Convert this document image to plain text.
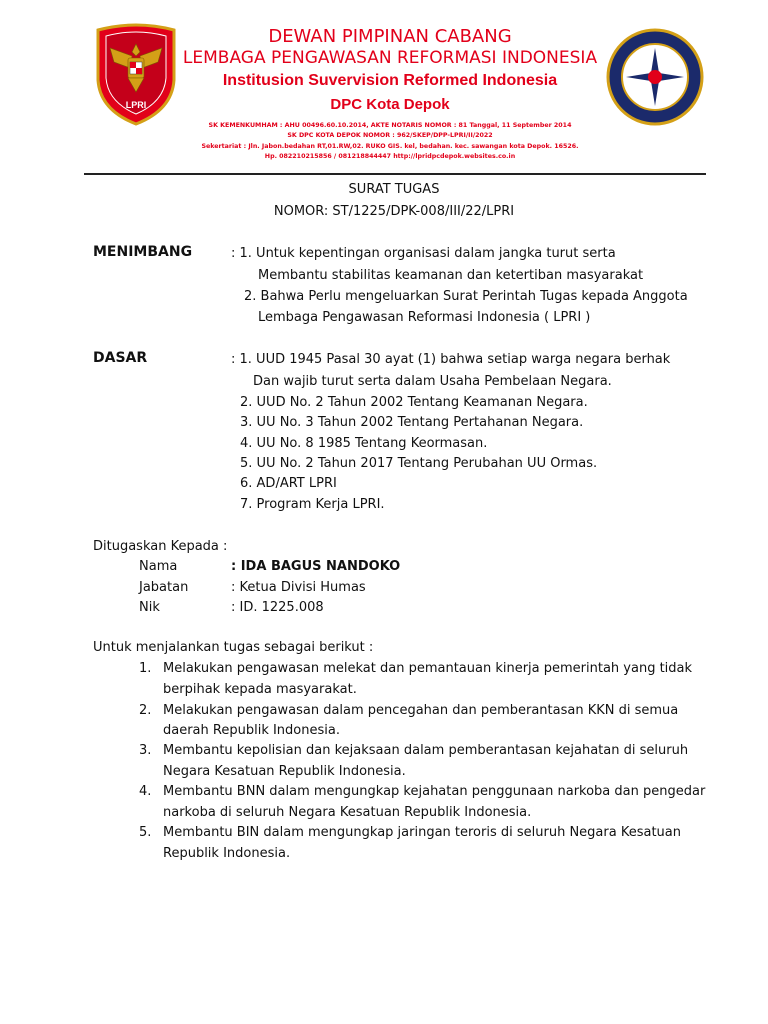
LPRI
DEWAN PIMPINAN CABANG
LEMBAGA PENGAWASAN REFORMASI INDONESIA
Institusion Suvervision Reformed Indonesia
DPC Kota Depok
SK KEMENKUMHAM : AHU 00496.60.10.2014, AKTE NOTARIS NOMOR : 81 Tanggal, 11 September 2014
SK DPC KOTA DEPOK NOMOR : 962/SKEP/DPP-LPRI/II/2022
Sekertariat : Jln. Jabon.bedahan RT,01.RW,02. RUKO GIS. kel, bedahan. kec. sawangan kota Depok. 16526.
Hp. 082210215856 / 081218844447 http://lpridpcdepok.websites.co.in
SURAT TUGAS
NOMOR: ST/1225/DPK-008/III/22/LPRI
MENIMBANG	: 1. Untuk kepentingan organisasi dalam jangka turut serta
Membantu stabilitas keamanan dan ketertiban masyarakat
2. Bahwa Perlu mengeluarkan Surat Perintah Tugas kepada Anggota
Lembaga Pengawasan Reformasi Indonesia ( LPRI )
DASAR	: 1. UUD 1945 Pasal 30 ayat (1) bahwa setiap warga negara berhak
Dan wajib turut serta dalam Usaha Pembelaan Negara.
2. UUD No. 2 Tahun 2002 Tentang Keamanan Negara.
3. UU No. 3 Tahun 2002 Tentang Pertahanan Negara.
4. UU No. 8 1985 Tentang Keormasan.
5. UU No. 2 Tahun 2017 Tentang Perubahan UU Ormas.
6. AD/ART LPRI
7. Program Kerja LPRI.
Ditugaskan Kepada :
Nama	: IDA BAGUS NANDOKO
Jabatan	: Ketua Divisi Humas
Nik	: ID. 1225.008
Untuk menjalankan tugas sebagai berikut :
1. Melakukan pengawasan melekat dan pemantauan kinerja pemerintah yang tidak
berpihak kepada masyarakat.
2. Melakukan pengawasan dalam pencegahan dan pemberantasan KKN di semua
daerah Republik Indonesia.
3. Membantu kepolisian dan kejaksaan dalam pemberantasan kejahatan di seluruh
Negara Kesatuan Republik Indonesia.
4. Membantu BNN dalam mengungkap kejahatan penggunaan narkoba dan pengedar
narkoba di seluruh Negara Kesatuan Republik Indonesia.
5. Membantu BIN dalam mengungkap jaringan teroris di seluruh Negara Kesatuan
Republik Indonesia.
